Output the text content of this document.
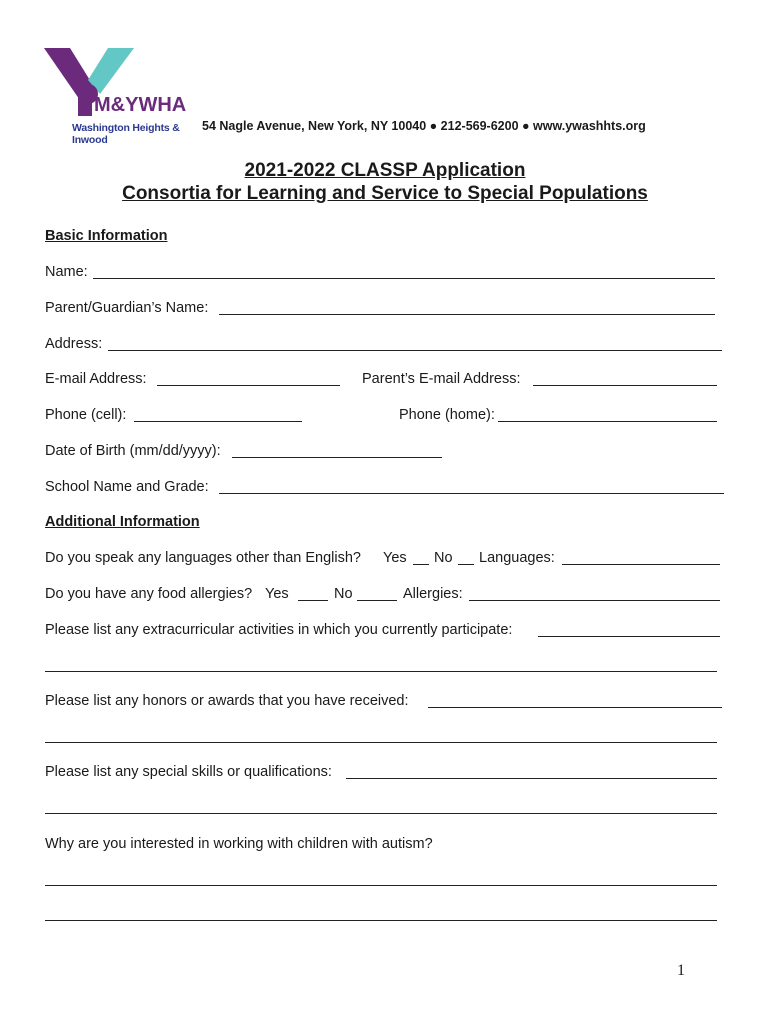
M&YWHA
Washington Heights & Inwood
54 Nagle Avenue, New York, NY 10040 ● 212-569-6200 ● www.ywashhts.org
2021-2022 CLASSP Application
Consortia for Learning and Service to Special Populations
Basic Information
Name:
Parent/Guardian’s Name:
Address:
E-mail Address:	Parent’s E-mail Address:
Phone (cell):	Phone (home):
Date of Birth (mm/dd/yyyy):
School Name and Grade:
Additional Information
Do you speak any languages other than English? Yes No Languages:
Do you have any food allergies? Yes	No	Allergies:
Please list any extracurricular activities in which you currently participate:
Please list any honors or awards that you have received:
Please list any special skills or qualifications:
Why are you interested in working with children with autism?
1
